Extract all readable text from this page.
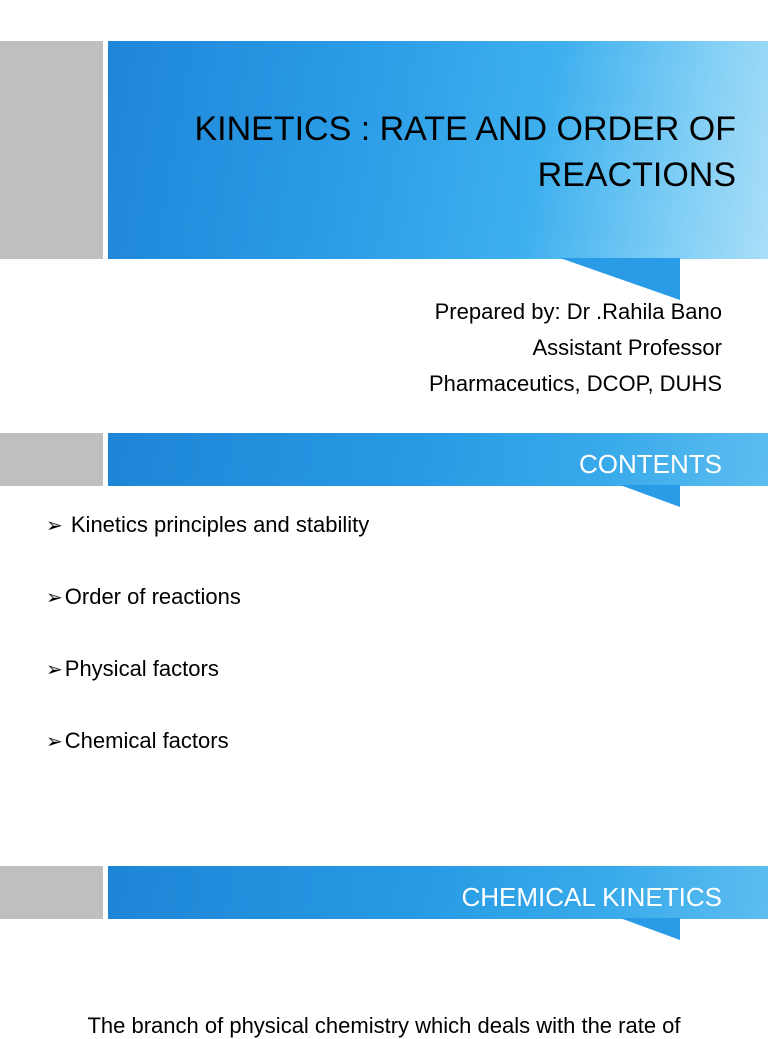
KINETICS : RATE AND ORDER OF
REACTIONS
Prepared by: Dr .Rahila Bano
Assistant Professor
Pharmaceutics, DCOP, DUHS
CONTENTS
➢ Kinetics principles and stability
➢ Order of reactions
➢ Physical factors
➢ Chemical factors
CHEMICAL KINETICS
The branch of physical chemistry which deals with the rate of
